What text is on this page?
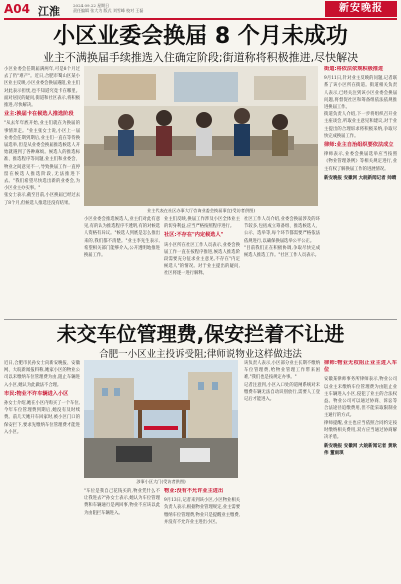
A04 江淮	2024.09.22 星期日
责任编辑 张大为 版式 刘雪峰 校对 王磊	新安晚报
小区业委会换届 8 个月未成功
业主不满换届手续推选入住确定阶段;街道称将积极推进,尽快解决
小区业委会任期届满两年,可是8个月过去了仍"难产"。近日,合肥市蜀山区某小区业主反映,小区业委会换届遇阻,业主们对此表示担忧,也不知道究竟卡在哪里。面对居民的疑问,街道和社区表示,将积极推进,尽快解决。
业主:换届卡在候选人推选阶段
"从去年年底开始,业主们就在为换届的事情奔走。"业主张女士说,小区上一届业委会任期到期后,业主们一直在等待换届选举,但是从业委会换届推选候选人开始就遇到了各种麻烦。候选人的推选标准、推选程序等问题,业主们和业委会、物业之间意见不一,导致换届工作一直停留在候选人推选阶段,无法推进下去。"我们希望尽快选出新的业委会,为小区业主办实事。"
张女士表示,截至目前,小区换届已经过去了8个月,但候选人推选还没有结果。
业主代表在社区办事大厅咨询业委会换届事宜(受访者供图)
小区业委会推选候选人,业主们对此有意见,有的认为推选程序不透明,有的对候选人资格有异议。"候选人到底是怎么推出来的,我们都不清楚。"业主李先生表示,希望相关部门能够介入,公开透明地推进换届工作。
业主们反映,换届工作涉及小区全体业主的切身利益,应当严格按照程序进行。
社区:不存在"内定候选人"
该小区所在社区工作人员表示,业委会换届工作一直在按程序推进,候选人推选阶段需要充分征求业主意见,不存在"内定候选人"的情况。对于业主提出的疑问,社区将逐一进行解释。
社区工作人员介绍,业委会换届涉及的环节较多,包括成立筹备组、推选候选人、公示、选举等,每个环节都需要严格依法依规进行,以确保换届选举公平公正。
"目前我们正在积极协调,争取尽快完成候选人推选工作。"社区工作人员表示。
街道:将依法依规积极推进
9月11日,针对业主反映的问题,记者联系了该小区所在街道。街道相关负责人表示,已经关注到该小区业委会换届问题,将督促社区和筹备组依法依规推进换届工作。
街道负责人介绍,下一步将组织召开业主座谈会,听取业主意见和建议,对于业主提出的合理诉求将积极采纳,争取尽快完成换届工作。
律师:业主自治组织要依法成立
律师表示,业委会换届选举应当按照《物业管理条例》等相关规定进行,业主有权了解换届工作的进展情况。
新安晚报 安徽网 大皖新闻记者 帅晴
未交车位管理费,保安拦着不让进
合肥一小区业主投诉受阻;律师说物业这样做违法
近日,合肥市民孙女士向新安晚报、安徽网、大皖新闻报料称,她家小区的物业公司以未缴纳车位管理费为由,阻止车辆进入小区,她认为此做法不合理。
市民:物业不许车辆进入小区
孙女士介绍,她在小区内购买了一个车位,今年车位管理费到期后,她没有及时续费。前几天她开车回家时,被小区门口的保安拦下,要求先缴纳车位管理费才能进入小区。
涉事小区大门(受访者供图)
"车位是我自己花钱买的,物业凭什么不让我进去?"孙女士表示,她认为车位管理费和车辆通行是两回事,物业不应该以此为由阻拦车辆进入。
物业:没有不允许业主进出
9月13日,记者来到该小区,小区物业相关负责人表示,根据物业管理规定,业主需要缴纳车位管理费,物业只是提醒业主缴费,并没有不允许业主进出小区。
该负责人表示,小区部分业主长期不缴纳车位管理费,给物业管理工作带来困难,"我们也是按规定办事。"
记者注意到,小区入口处的道闸系统对未缴费车辆无法自动识别放行,需要人工登记后才能进入。
律师:物业无权阻止业主进入车位
安徽某律师事务所律师表示,物业公司以业主未缴纳车位管理费为由阻止业主车辆进入小区,侵犯了业主的合法权益。物业公司可以通过协商、诉讼等合法途径追缴费用,但不能采取限制业主通行的方式。
律师提醒,业主也应当依照合同约定按时缴纳相关费用,双方应当通过协商解决矛盾。
新安晚报 安徽网 大皖新闻记者 黄耿伟 董雨琪
